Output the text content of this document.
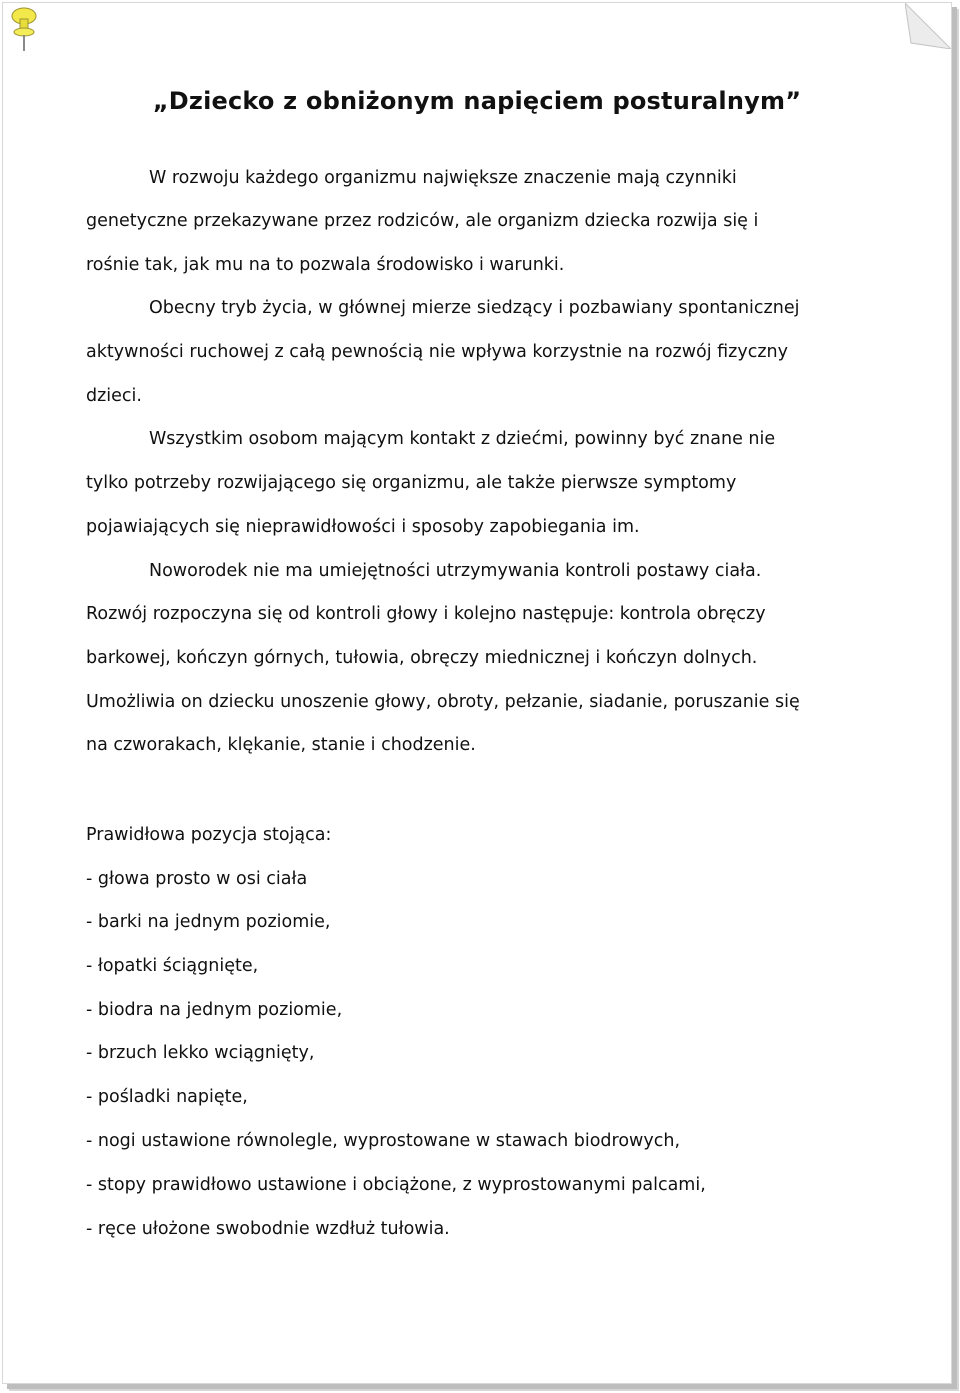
„Dziecko z obniżonym napięciem posturalnym”
W rozwoju każdego organizmu największe znaczenie mają czynniki
genetyczne przekazywane przez rodziców, ale organizm dziecka rozwija się i
rośnie tak, jak mu na to pozwala środowisko i warunki.
Obecny tryb życia, w głównej mierze siedzący i pozbawiany spontanicznej
aktywności ruchowej z całą pewnością nie wpływa korzystnie na rozwój fizyczny
dzieci.
Wszystkim osobom mającym kontakt z dziećmi, powinny być znane nie
tylko potrzeby rozwijającego się organizmu, ale także pierwsze symptomy
pojawiających się nieprawidłowości i sposoby zapobiegania im.
Noworodek nie ma umiejętności utrzymywania kontroli postawy ciała.
Rozwój rozpoczyna się od kontroli głowy i kolejno następuje: kontrola obręczy
barkowej, kończyn górnych, tułowia, obręczy miednicznej i kończyn dolnych.
Umożliwia on dziecku unoszenie głowy, obroty, pełzanie, siadanie, poruszanie się
na czworakach, klękanie, stanie i chodzenie.
Prawidłowa pozycja stojąca:
- głowa prosto w osi ciała
- barki na jednym poziomie,
- łopatki ściągnięte,
- biodra na jednym poziomie,
- brzuch lekko wciągnięty,
- pośladki napięte,
- nogi ustawione równolegle, wyprostowane w stawach biodrowych,
- stopy prawidłowo ustawione i obciążone, z wyprostowanymi palcami,
- ręce ułożone swobodnie wzdłuż tułowia.
